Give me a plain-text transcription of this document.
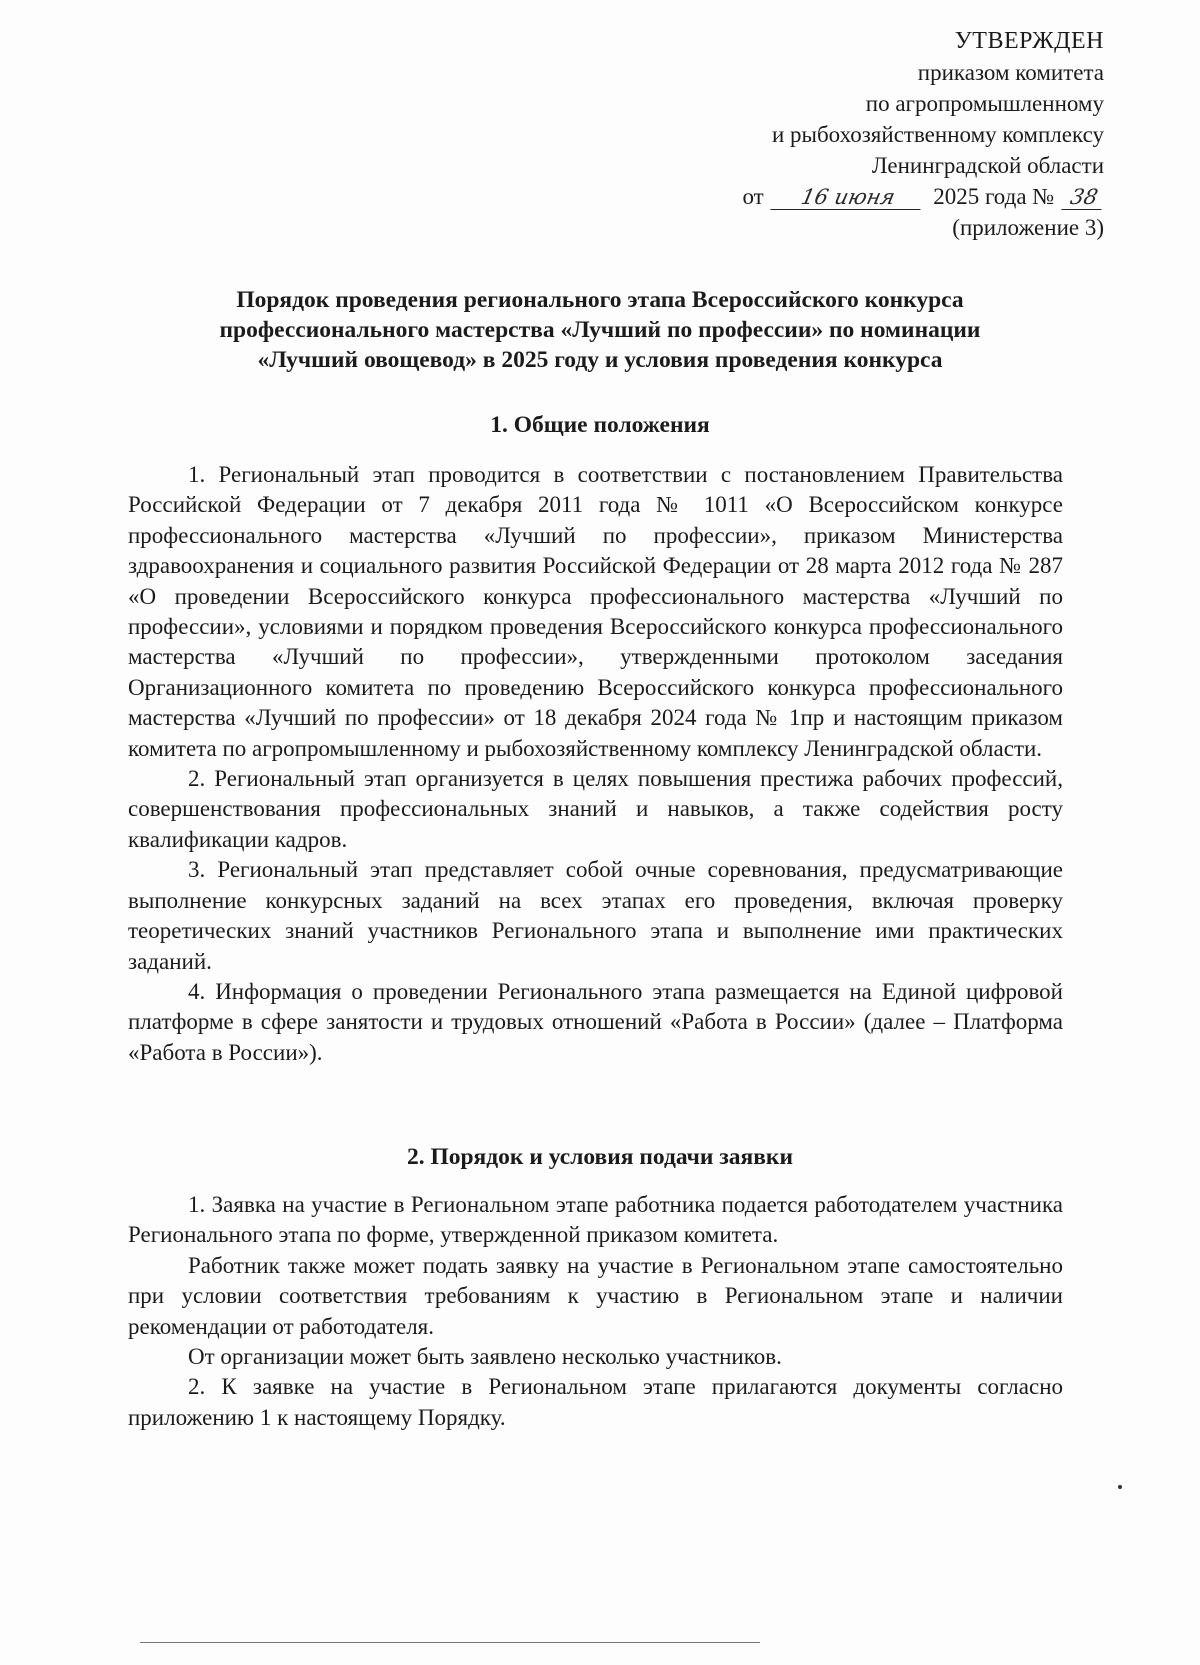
УТВЕРЖДЕН
приказом комитета
по агропромышленному
и рыбохозяйственному комплексу
Ленинградской области
от 16 июня 2025 года № 38
(приложение 3)
Порядок проведения регионального этапа Всероссийского конкурса
профессионального мастерства «Лучший по профессии» по номинации
«Лучший овощевод» в 2025 году и условия проведения конкурса
1. Общие положения

1. Региональный этап проводится в соответствии с постановлением Правительства Российской Федерации от 7 декабря 2011 года № 1011 «О Всероссийском конкурсе профессионального мастерства «Лучший по профессии», приказом Министерства здравоохранения и социального развития Российской Федерации от 28 марта 2012 года № 287 «О проведении Всероссийского конкурса профессионального мастерства «Лучший по профессии», условиями и порядком проведения Всероссийского конкурса профессионального мастерства «Лучший по профессии», утвержденными протоколом заседания Организационного комитета по проведению Всероссийского конкурса профессионального мастерства «Лучший по профессии» от 18 декабря 2024 года № 1пр и настоящим приказом комитета по агропромышленному и рыбохозяйственному комплексу Ленинградской области.

2. Региональный этап организуется в целях повышения престижа рабочих профессий, совершенствования профессиональных знаний и навыков, а также содействия росту квалификации кадров.

3. Региональный этап представляет собой очные соревнования, предусматривающие выполнение конкурсных заданий на всех этапах его проведения, включая проверку теоретических знаний участников Регионального этапа и выполнение ими практических заданий.

4. Информация о проведении Регионального этапа размещается на Единой цифровой платформе в сфере занятости и трудовых отношений «Работа в России» (далее – Платформа «Работа в России»).

2. Порядок и условия подачи заявки

1. Заявка на участие в Региональном этапе работника подается работодателем участника Регионального этапа по форме, утвержденной приказом комитета.

Работник также может подать заявку на участие в Региональном этапе самостоятельно при условии соответствия требованиям к участию в Региональном этапе и наличии рекомендации от работодателя.

От организации может быть заявлено несколько участников.

2. К заявке на участие в Региональном этапе прилагаются документы согласно приложению 1 к настоящему Порядку.
